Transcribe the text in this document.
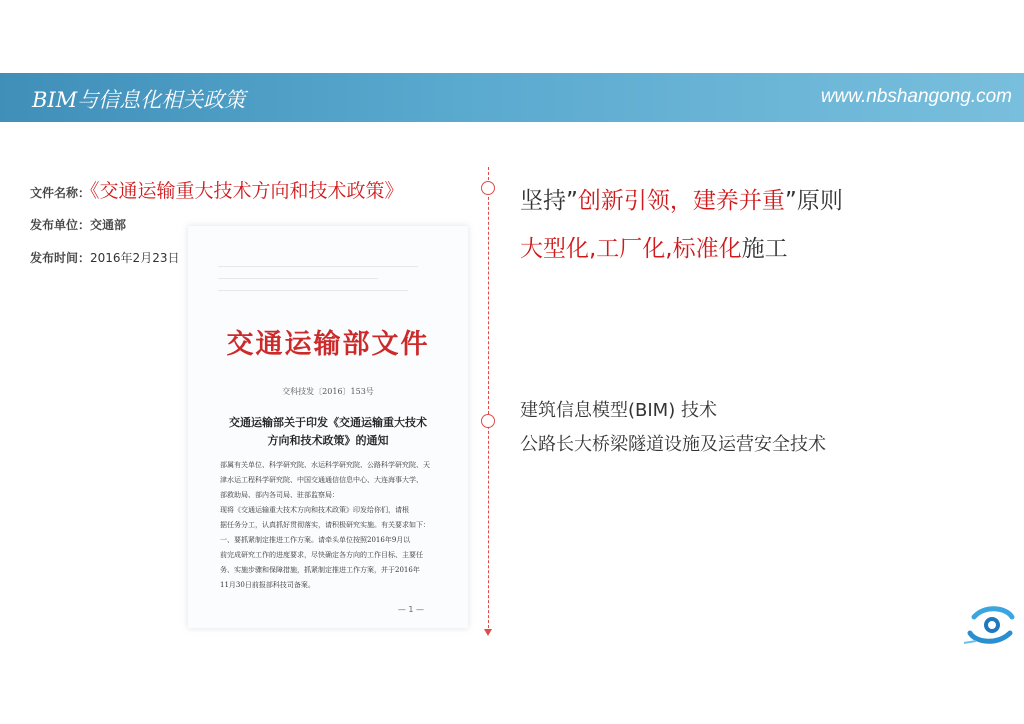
BIM与信息化相关政策	www.nbshangong.com
文件名称：《交通运输重大技术方向和技术政策》
发布单位：交通部
发布时间：2016年2月23日
交通运输部文件
交科技发〔2016〕153号
交通运输部关于印发《交通运输重大技术
方向和技术政策》的通知
部属有关单位、科学研究院、水运科学研究院、公路科学研究院、天
津水运工程科学研究院、中国交通通信信息中心、大连海事大学、
部救助局、部内各司局、驻部监察局：
现将《交通运输重大技术方向和技术政策》印发给你们，请根
据任务分工，认真抓好贯彻落实，请积极研究实施。有关要求如下：
一、要抓紧制定推进工作方案。请牵头单位按照2016年9月以
前完成研究工作的进度要求，尽快确定各方向的工作目标、主要任
务、实施步骤和保障措施，抓紧制定推进工作方案，并于2016年
11月30日前报部科技司备案。
— 1 —
坚持”创新引领，建养并重”原则
大型化,工厂化,标准化施工
建筑信息模型(BIM) 技术
公路长大桥梁隧道设施及运营安全技术
